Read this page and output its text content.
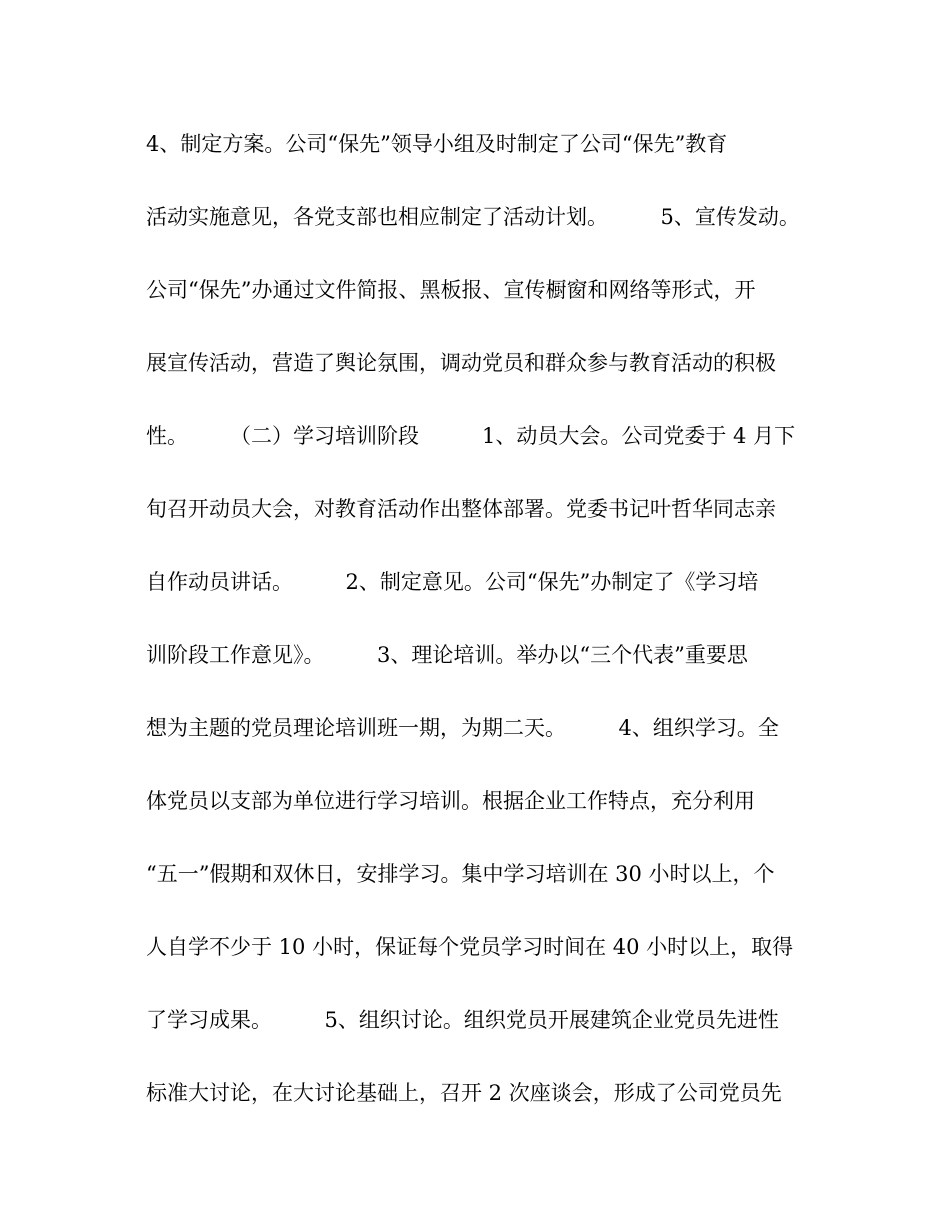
4、制定方案。公司“保先”领导小组及时制定了公司“保先”教育
活动实施意见，各党支部也相应制定了活动计划。　　　5、宣传发动。
公司“保先”办通过文件简报、黑板报、宣传橱窗和网络等形式，开
展宣传活动，营造了舆论氛围，调动党员和群众参与教育活动的积极
性。　　　（二）学习培训阶段　　　1、动员大会。公司党委于 4 月下
旬召开动员大会，对教育活动作出整体部署。党委书记叶哲华同志亲
自作动员讲话。　　　2、制定意见。公司“保先”办制定了《学习培
训阶段工作意见》。　　　3、理论培训。举办以“三个代表”重要思
想为主题的党员理论培训班一期，为期二天。　　　4、组织学习。全
体党员以支部为单位进行学习培训。根据企业工作特点，充分利用
“五一”假期和双休日，安排学习。集中学习培训在 30 小时以上，个
人自学不少于 10 小时，保证每个党员学习时间在 40 小时以上，取得
了学习成果。　　　5、组织讨论。组织党员开展建筑企业党员先进性
标准大讨论，在大讨论基础上，召开 2 次座谈会，形成了公司党员先
